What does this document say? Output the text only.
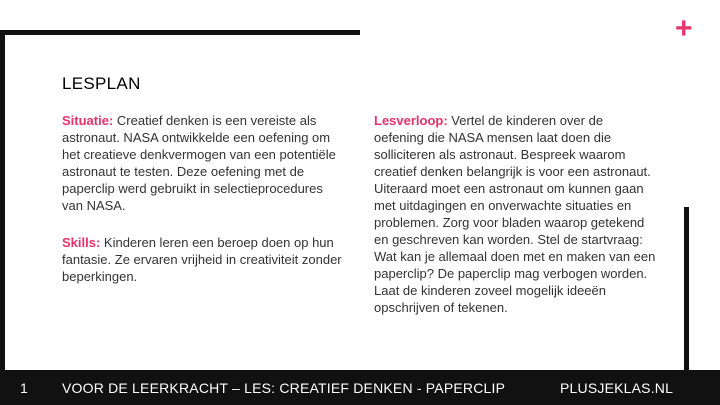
+
LESPLAN

Situatie: Creatief denken is een vereiste als astronaut. NASA ontwikkelde een oefening om het creatieve denkvermogen van een potentiële astronaut te testen. Deze oefening met de paperclip werd gebruikt in selectieprocedures van NASA.

Skills: Kinderen leren een beroep doen op hun fantasie. Ze ervaren vrijheid in creativiteit zonder beperkingen.

Lesverloop: Vertel de kinderen over de oefening die NASA mensen laat doen die solliciteren als astronaut. Bespreek waarom creatief denken belangrijk is voor een astronaut. Uiteraard moet een astronaut om kunnen gaan met uitdagingen en onverwachte situaties en problemen. Zorg voor bladen waarop getekend en geschreven kan worden. Stel de startvraag: Wat kan je allemaal doen met en maken van een paperclip? De paperclip mag verbogen worden. Laat de kinderen zoveel mogelijk ideeën opschrijven of tekenen.

1 VOOR DE LEERKRACHT – LES: CREATIEF DENKEN - PAPERCLIP	PLUSJEKLAS.NL
